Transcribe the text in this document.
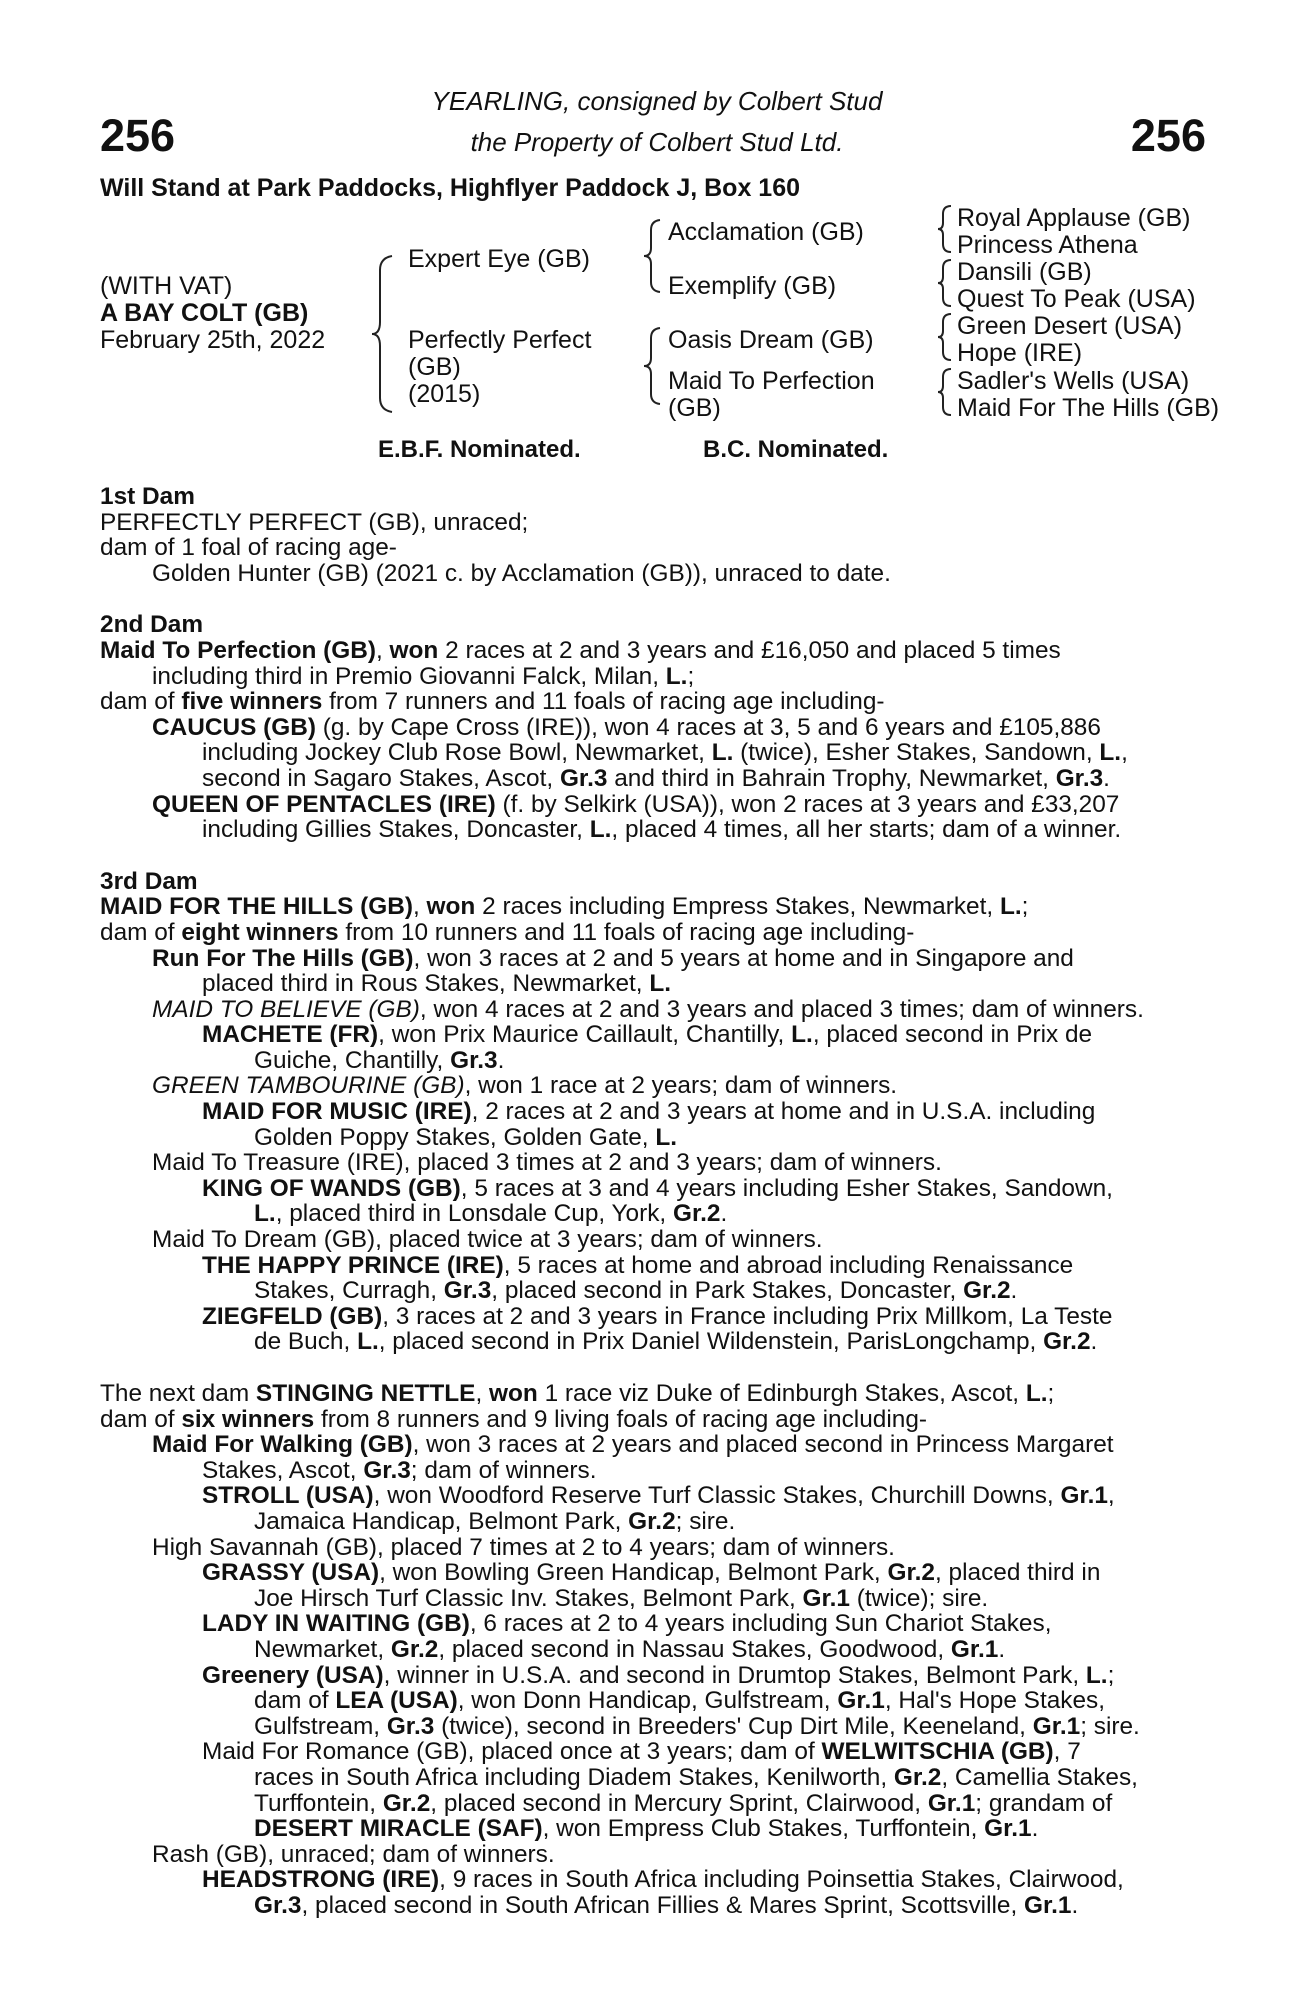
256	256
YEARLING, consigned by Colbert Stud
the Property of Colbert Stud Ltd.
Will Stand at Park Paddocks, Highflyer Paddock J, Box 160
(WITH VAT)
A BAY COLT (GB)
February 25th, 2022
Expert Eye (GB)
Perfectly Perfect
(GB)
(2015)
Acclamation (GB)
Exemplify (GB)
Oasis Dream (GB)
Maid To Perfection
(GB)
Royal Applause (GB)
Princess Athena
Dansili (GB)
Quest To Peak (USA)
Green Desert (USA)
Hope (IRE)
Sadler's Wells (USA)
Maid For The Hills (GB)
E.B.F. Nominated.	B.C. Nominated.

1st Dam

PERFECTLY PERFECT (GB), unraced;

dam of 1 foal of racing age-

Golden Hunter (GB) (2021 c. by Acclamation (GB)), unraced to date.

2nd Dam

Maid To Perfection (GB), won 2 races at 2 and 3 years and £16,050 and placed 5 times

including third in Premio Giovanni Falck, Milan, L.;

dam of five winners from 7 runners and 11 foals of racing age including-

CAUCUS (GB) (g. by Cape Cross (IRE)), won 4 races at 3, 5 and 6 years and £105,886

including Jockey Club Rose Bowl, Newmarket, L. (twice), Esher Stakes, Sandown, L.,

second in Sagaro Stakes, Ascot, Gr.3 and third in Bahrain Trophy, Newmarket, Gr.3.

QUEEN OF PENTACLES (IRE) (f. by Selkirk (USA)), won 2 races at 3 years and £33,207

including Gillies Stakes, Doncaster, L., placed 4 times, all her starts; dam of a winner.

3rd Dam

MAID FOR THE HILLS (GB), won 2 races including Empress Stakes, Newmarket, L.;

dam of eight winners from 10 runners and 11 foals of racing age including-

Run For The Hills (GB), won 3 races at 2 and 5 years at home and in Singapore and

placed third in Rous Stakes, Newmarket, L.

MAID TO BELIEVE (GB), won 4 races at 2 and 3 years and placed 3 times; dam of winners.

MACHETE (FR), won Prix Maurice Caillault, Chantilly, L., placed second in Prix de

Guiche, Chantilly, Gr.3.

GREEN TAMBOURINE (GB), won 1 race at 2 years; dam of winners.

MAID FOR MUSIC (IRE), 2 races at 2 and 3 years at home and in U.S.A. including

Golden Poppy Stakes, Golden Gate, L.

Maid To Treasure (IRE), placed 3 times at 2 and 3 years; dam of winners.

KING OF WANDS (GB), 5 races at 3 and 4 years including Esher Stakes, Sandown,

L., placed third in Lonsdale Cup, York, Gr.2.

Maid To Dream (GB), placed twice at 3 years; dam of winners.

THE HAPPY PRINCE (IRE), 5 races at home and abroad including Renaissance

Stakes, Curragh, Gr.3, placed second in Park Stakes, Doncaster, Gr.2.

ZIEGFELD (GB), 3 races at 2 and 3 years in France including Prix Millkom, La Teste

de Buch, L., placed second in Prix Daniel Wildenstein, ParisLongchamp, Gr.2.

The next dam STINGING NETTLE, won 1 race viz Duke of Edinburgh Stakes, Ascot, L.;

dam of six winners from 8 runners and 9 living foals of racing age including-

Maid For Walking (GB), won 3 races at 2 years and placed second in Princess Margaret

Stakes, Ascot, Gr.3; dam of winners.

STROLL (USA), won Woodford Reserve Turf Classic Stakes, Churchill Downs, Gr.1,

Jamaica Handicap, Belmont Park, Gr.2; sire.

High Savannah (GB), placed 7 times at 2 to 4 years; dam of winners.

GRASSY (USA), won Bowling Green Handicap, Belmont Park, Gr.2, placed third in

Joe Hirsch Turf Classic Inv. Stakes, Belmont Park, Gr.1 (twice); sire.

LADY IN WAITING (GB), 6 races at 2 to 4 years including Sun Chariot Stakes,

Newmarket, Gr.2, placed second in Nassau Stakes, Goodwood, Gr.1.

Greenery (USA), winner in U.S.A. and second in Drumtop Stakes, Belmont Park, L.;

dam of LEA (USA), won Donn Handicap, Gulfstream, Gr.1, Hal's Hope Stakes,

Gulfstream, Gr.3 (twice), second in Breeders' Cup Dirt Mile, Keeneland, Gr.1; sire.

Maid For Romance (GB), placed once at 3 years; dam of WELWITSCHIA (GB), 7

races in South Africa including Diadem Stakes, Kenilworth, Gr.2, Camellia Stakes,

Turffontein, Gr.2, placed second in Mercury Sprint, Clairwood, Gr.1; grandam of

DESERT MIRACLE (SAF), won Empress Club Stakes, Turffontein, Gr.1.

Rash (GB), unraced; dam of winners.

HEADSTRONG (IRE), 9 races in South Africa including Poinsettia Stakes, Clairwood,

Gr.3, placed second in South African Fillies & Mares Sprint, Scottsville, Gr.1.
